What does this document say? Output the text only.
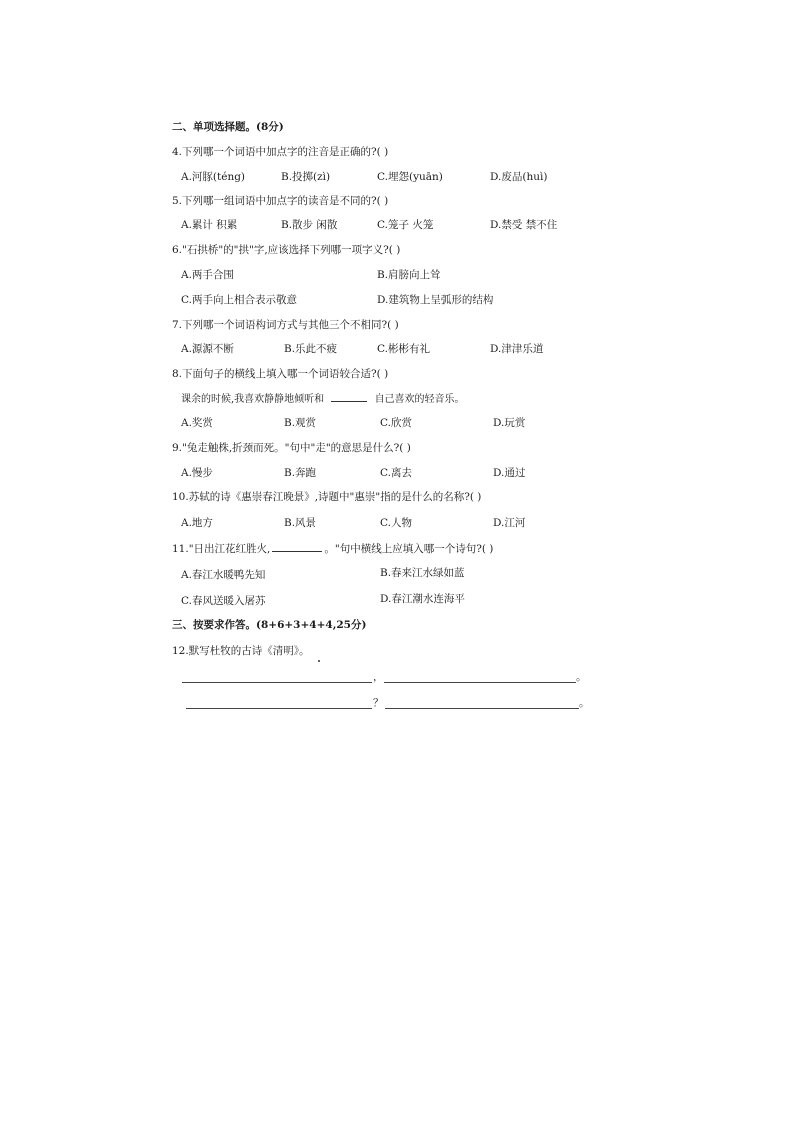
二、单项选择题。(8分)
4.下列哪一个词语中加点字的注音是正确的?( )
A.河豚(téng)	B.投掷(zì)	C.埋怨(yuān)	D.废品(huì)
5.下列哪一组词语中加点字的读音是不同的?( )
A.累计 积累	B.散步 闲散	C.笼子 火笼	D.禁受 禁不住
6."石拱桥"的"拱"字,应该选择下列哪一项字义?( )
A.两手合围	B.肩膀向上耸
C.两手向上相合表示敬意	D.建筑物上呈弧形的结构
7.下列哪一个词语构词方式与其他三个不相同?( )
A.源源不断	B.乐此不疲	C.彬彬有礼	D.津津乐道
8.下面句子的横线上填入哪一个词语较合适?( )
课余的时候,我喜欢静静地倾听和	自己喜欢的轻音乐。
A.奖赏	B.观赏	C.欣赏	D.玩赏
9."兔走触株,折颈而死。"句中"走"的意思是什么?( )
A.慢步	B.奔跑	C.离去	D.通过
10.苏轼的诗《惠崇春江晚景》,诗题中"惠崇"指的是什么的名称?( )
A.地方	B.风景	C.人物	D.江河
11."日出江花红胜火,	。"句中横线上应填入哪一个诗句?( )
A.春江水暖鸭先知	B.春来江水绿如蓝
C.春风送暖入屠苏	D.春江潮水连海平
三、按要求作答。(8+6+3+4+4,25分)
12.默写杜牧的古诗《清明》。
，	。
？	。
